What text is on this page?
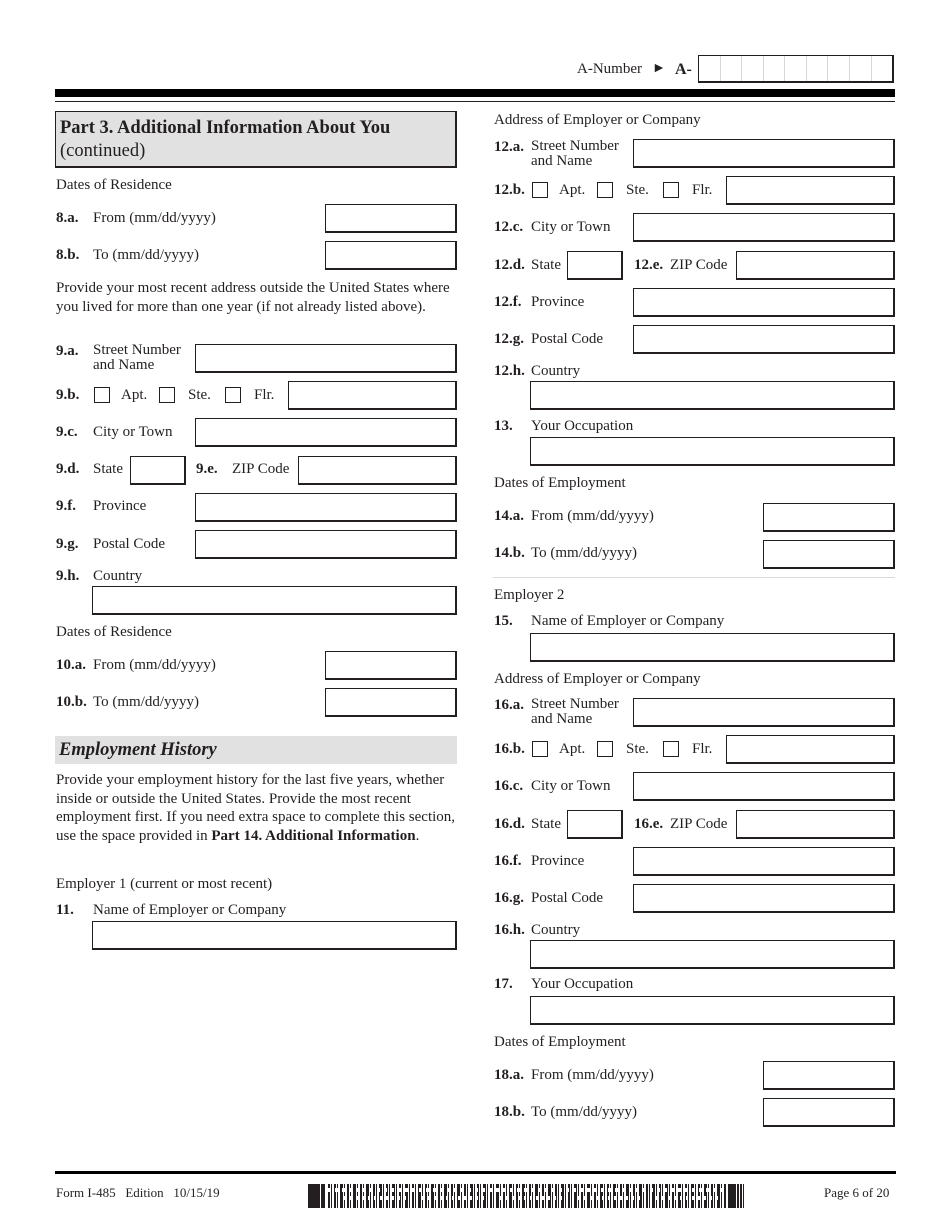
A-Number ► A-
Part 3. Additional Information About You
(continued)
Dates of Residence
8.a. From (mm/dd/yyyy)
8.b. To (mm/dd/yyyy)
Provide your most recent address outside the United States where you lived for more than one year (if not already listed above).
9.a. Street Number
and Name
9.b.	Apt.	Ste.	Flr.
9.c. City or Town
9.d. State	9.e. ZIP Code
9.f. Province
9.g. Postal Code
9.h. Country
Dates of Residence
10.a. From (mm/dd/yyyy)
10.b. To (mm/dd/yyyy)
Employment History
Provide your employment history for the last five years, whether inside or outside the United States. Provide the most recent employment first. If you need extra space to complete this section, use the space provided in Part 14. Additional Information.
Employer 1 (current or most recent)
11. Name of Employer or Company
Address of Employer or Company
12.a. Street Number
and Name
12.b. Apt.	Ste.	Flr.
12.c. City or Town
12.d. State	12.e. ZIP Code
12.f. Province
12.g. Postal Code
12.h. Country
13. Your Occupation
Dates of Employment
14.a. From (mm/dd/yyyy)
14.b. To (mm/dd/yyyy)
Employer 2
15. Name of Employer or Company
Address of Employer or Company
16.a. Street Number
and Name
16.b. Apt.	Ste.	Flr.
16.c. City or Town
16.d. State	16.e. ZIP Code
16.f. Province
16.g. Postal Code
16.h. Country
17. Your Occupation
Dates of Employment
18.a. From (mm/dd/yyyy)
18.b. To (mm/dd/yyyy)
Form I-485   Edition   10/15/19	Page 6 of 20
